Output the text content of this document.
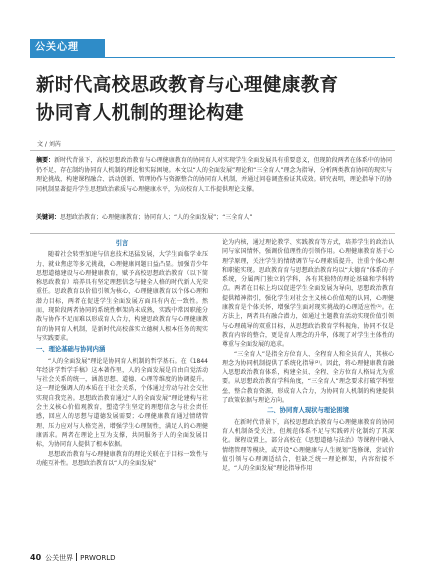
公关心理
新时代高校思政教育与心理健康教育
协同育人机制的理论构建
文 / 刘芮
摘要：新时代背景下，高校思想政治教育与心理健康教育的协同育人对实现学生全面发展具有重要意义，但现阶段两者在体系中的协同仍不足，存在制约协同育人机制的理论和实际困境。本文以“人的全面发展”理论和“三全育人”理念为指导，分析两类教育协同的现实与理论挑战，构建课程融合、活动创新、管理协作与资源整合的协同育人机制，并通过问卷调查验证其成效。研究表明，理论指导下的协同机制显著提升学生思想政治素质与心理健康水平，为高校育人工作提供理论支撑。
关键词：思想政治教育；心理健康教育；协同育人；“人的全面发展”；“三全育人”

引言

随着社会转型加速与信息技术迅猛发展，大学生面临学业压力、就业焦虑等多元挑战，心理健康问题日益凸显。加强青少年思想道德建设与心理健康教育，赋予高校思想政治教育（以下简称思政教育）培养具有坚定理想信念与健全人格的时代新人光荣重任。思政教育以价值引领为核心，心理健康教育以个体心理和潜力目标，两者在促进学生全面发展方面具有内在一致性。然而，现阶段两者协同的系统性框架尚未成熟，实践中常因职能分散与协作不足而难以形成育人合力，构建思政教育与心理健康教育的协同育人机制，是新时代高校落实立德树人根本任务的现实与实践要求。

一、理论基础与协同内涵

“人的全面发展”理论是协同育人机制的哲学基石。在《1844年经济学哲学手稿》这本著作里，人的全面发展是自由自觉活动与社会关系的统一，涵盖思想、道德、心理等维度的协调提升。这一理论强调人的本质在于社会关系，个体通过劳动与社会交往实现自我完善。思想政治教育通过“人的全面发展”理论建构与社会主义核心价值观教育，塑造学生坚定的理想信念与社会责任感，回应人的思想与道德发展需要；心理健康教育通过情绪管理、压力应对与人格完善，增强学生心理韧性，满足人的心理健康需求。两者在理论上互为支撑，共同服务于人的全面发展目标，为协同育人提供了根本依据。

思想政治教育与心理健康教育的理论关联在于目标一致性与功能互补性。思想政治教育以“人的全面发展”

论为内核，通过理论教学、实践教育等方式，培养学生的政治认同与家国情怀，强调价值理性的引领作用。心理健康教育基于心理学原理，关注学生的情绪调节与心理素质提升，注重个体心理和职能实现。思政教育育与思想政治教育均以“大德育”体系的子系统，分属两门独立的学科，各有其独特的理论基础和学科特点。两者在目标上均以促进学生全面发展为导向，思想政治教育提供精神指引，强化学生对社会主义核心价值观的认同，心理健康教育是个体关怀，增强学生面对现实挑战的心理适应性⁽¹⁾。在方法上，两者具有融合潜力，如通过主题教育活动实现价值引领与心理疏导的双重目标，从思想政治教育学科视角，协同不仅是教育内容的整合，更是育人理念的升华，体现了对学生主体性的尊重与全面发展的追求。

“三全育人”是指全方位育人、全程育人和全员育人，其核心理念为协同机制提供了系统化指导⁽²⁾。因此，将心理健康教育融入思想政治教育体系，构建全员、全程、全方位育人格局尤为重要。从思想政治教育学科角度，“三全育人”理念要求打破学科壁垒，整合教育资源，形成育人合力，为协同育人机制的构建提供了政策依据与理论方向。

二、协同育人现状与理论困境

在新时代背景下，高校思想政治教育与心理健康教育的协同育人机制备受关注，但规范体系不足与实践碎片化制约了其深化。课程设置上，部分高校在《思想道德与法治》等课程中融入情绪管理等模块，或开设“心理健康与人生规划”选修课，尝试价值引领与心理调适结合，但缺乏统一理论框架，内容衔接不足，“人的全面发展”理论指导作用

40 公关世界 PRWORLD
